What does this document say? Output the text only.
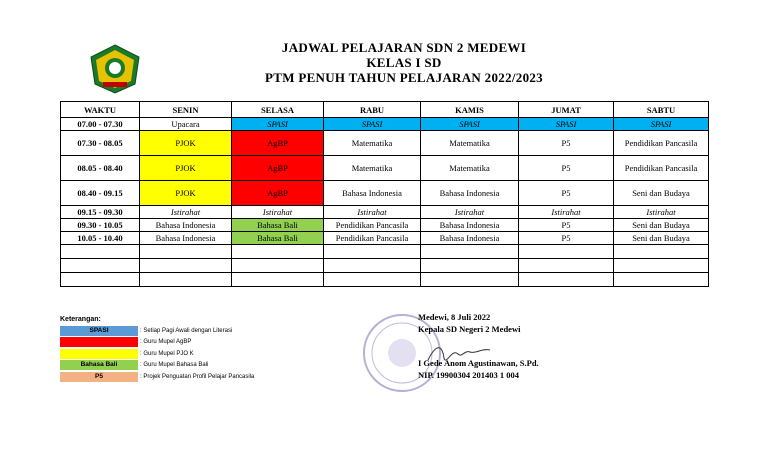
JADWAL PELAJARAN SDN 2 MEDEWI
KELAS I SD
PTM PENUH TAHUN PELAJARAN 2022/2023
WAKTU	SENIN	SELASA	RABU	KAMIS	JUMAT	SABTU
07.00 - 07.30	Upacara	SPASI	SPASI	SPASI	SPASI	SPASI
07.30 - 08.05	PJOK	AgBP	Matematika	Matematika	P5	Pendidikan Pancasila
08.05 - 08.40	PJOK	AgBP	Matematika	Matematika	P5	Pendidikan Pancasila
08.40 - 09.15	PJOK	AgBP	Bahasa Indonesia	Bahasa Indonesia	P5	Seni dan Budaya
09.15 - 09.30	Istirahat	Istirahat	Istirahat	Istirahat	Istirahat	Istirahat
09.30 - 10.05	Bahasa Indonesia	Bahasa Bali	Pendidikan Pancasila	Bahasa Indonesia	P5	Seni dan Budaya
10.05 - 10.40	Bahasa Indonesia	Bahasa Bali	Pendidikan Pancasila	Bahasa Indonesia	P5	Seni dan Budaya

Keterangan:
SPASI	: Setiap Pagi Awali dengan Literasi
: Guru Mupel AgBP
: Guru Mupel PJO K
Bahasa Bali	: Guru Mupel Bahasa Bali
P5	: Projek Penguatan Profil Pelajar Pancasila
Medewi, 8 Juli 2022
Kepala SD Negeri 2 Medewi
I Gede Anom Agustinawan, S.Pd.
NIP. 19900304 201403 1 004
